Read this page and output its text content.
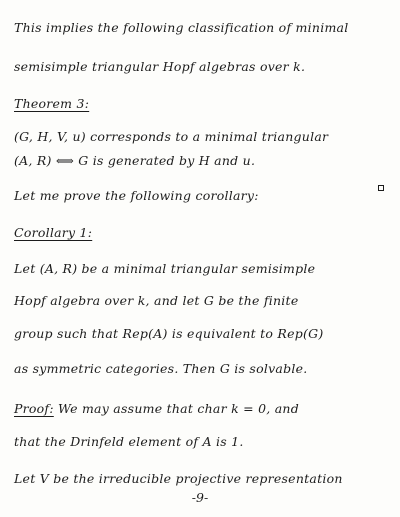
This implies the following classification of minimal
semisimple triangular Hopf algebras over k.
Theorem 3:
(G, H, V, u) corresponds to a minimal triangular
(A, R) ⟺ G is generated by H and u.
Let me prove the following corollary:
Corollary 1:
Let (A, R) be a minimal triangular semisimple
Hopf algebra over k, and let G be the finite
group such that Rep(A) is equivalent to Rep(G)
as symmetric categories. Then G is solvable.
Proof: We may assume that char k = 0, and
that the Drinfeld element of A is 1.
Let V be the irreducible projective representation
-9-
